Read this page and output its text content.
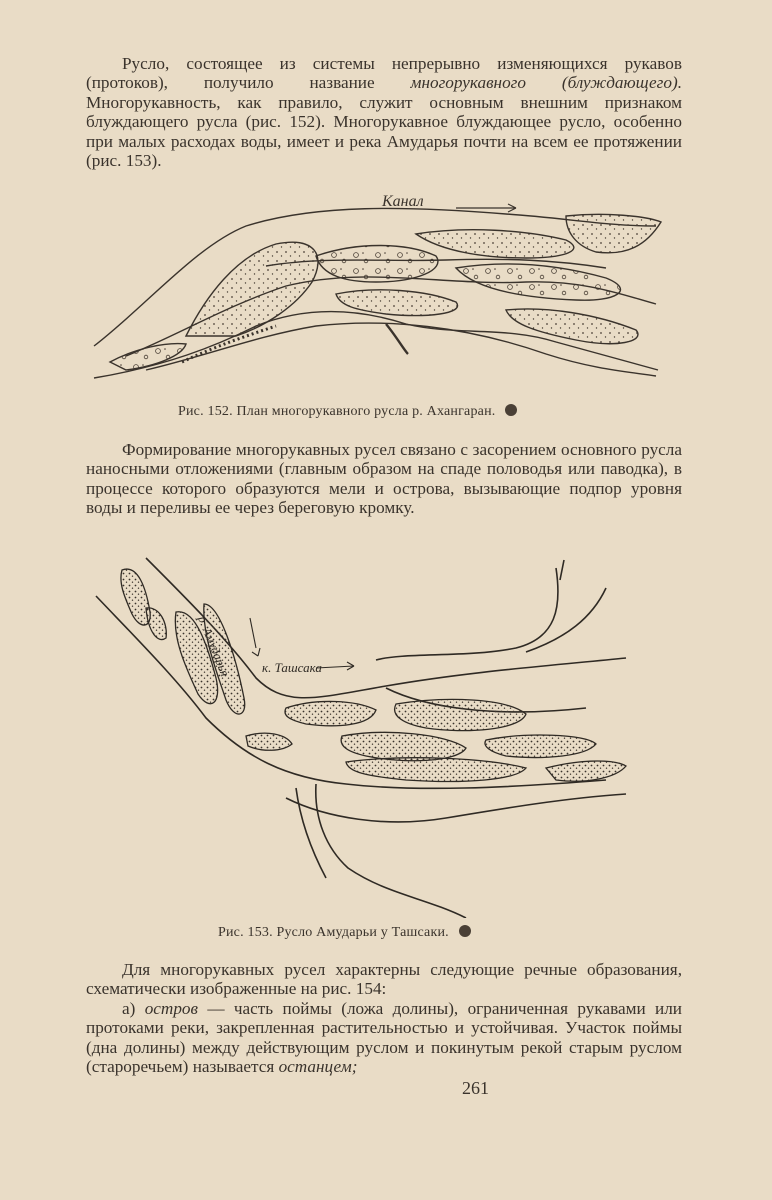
Русло, состоящее из системы непрерывно изменяющихся рукавов (протоков), получило название многорукавного (блуждающего). Многорукавность, как правило, служит основным внешним признаком блуждающего русла (рис. 152). Многорукавное блуждающее русло, особенно при малых расходах воды, имеет и река Амударья почти на всем ее протяжении (рис. 153).

Канал
Рис. 152. План многорукавного русла р. Ахангаран.

Формирование многорукавных русел связано с засорением основного русла наносными отложениями (главным образом на спаде половодья или паводка), в процессе которого образуются мели и острова, вызывающие подпор уровня воды и переливы ее через береговую кромку.

р. Амударья к. Ташсака
Рис. 153. Русло Амударьи у Ташсаки.

Для многорукавных русел характерны следующие речные образования, схематически изображенные на рис. 154:

а) остров — часть поймы (ложа долины), ограниченная рукавами или протоками реки, закрепленная растительностью и устойчивая. Участок поймы (дна долины) между действующим руслом и покинутым рекой старым руслом (староречьем) называется останцем;

261
